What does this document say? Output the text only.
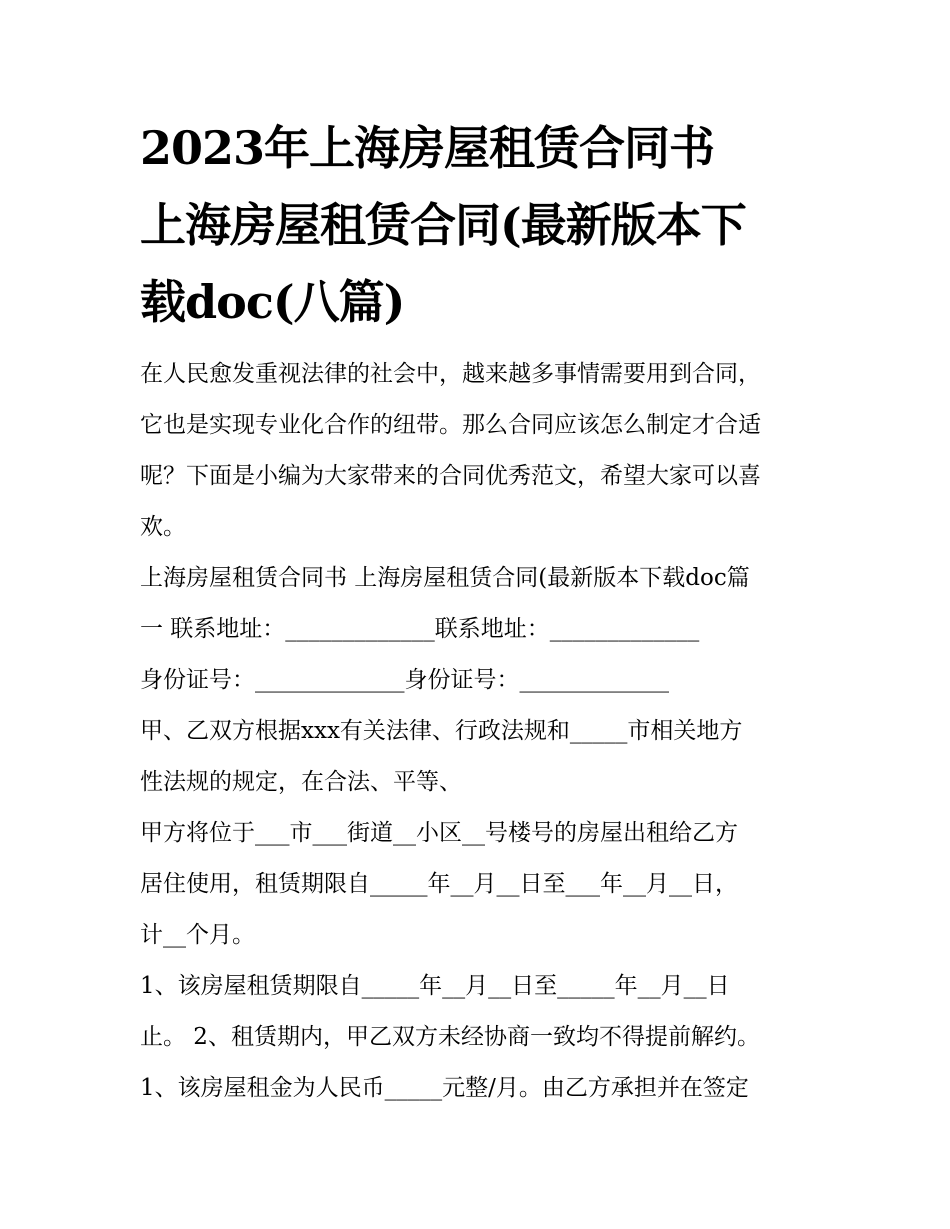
2023年上海房屋租赁合同书
上海房屋租赁合同(最新版本下
载doc(八篇)
在人民愈发重视法律的社会中，越来越多事情需要用到合同，
它也是实现专业化合作的纽带。那么合同应该怎么制定才合适
呢？下面是小编为大家带来的合同优秀范文，希望大家可以喜
欢。
上海房屋租赁合同书 上海房屋租赁合同(最新版本下载doc篇
一 联系地址：_____________联系地址：_____________
身份证号：_____________身份证号：_____________
甲、乙双方根据xxx有关法律、行政法规和_____市相关地方
性法规的规定，在合法、平等、
甲方将位于___市___街道__小区__号楼号的房屋出租给乙方
居住使用，租赁期限自_____年__月__日至___年__月__日，
计__个月。
1、该房屋租赁期限自_____年__月__日至_____年__月__日
止。 2、租赁期内，甲乙双方未经协商一致均不得提前解约。
1、该房屋租金为人民币_____元整/月。由乙方承担并在签定
